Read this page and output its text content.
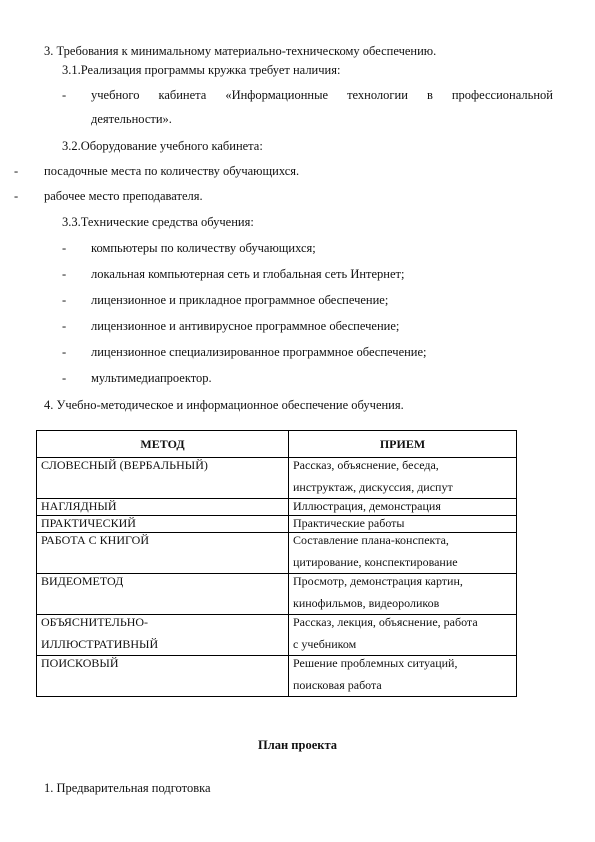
3. Требования к минимальному материально-техническому обеспечению.
3.1.Реализация программы кружка требует наличия:
- учебного кабинета «Информационные технологии в профессиональной
деятельности».
3.2.Оборудование учебного кабинета:
- посадочные места по количеству обучающихся.
- рабочее место преподавателя.
3.3.Технические средства обучения:
- компьютеры по количеству обучающихся;
- локальная компьютерная сеть и глобальная сеть Интернет;
- лицензионное и прикладное программное обеспечение;
- лицензионное и антивирусное программное обеспечение;
- лицензионное специализированное программное обеспечение;
- мультимедиапроектор.
4. Учебно-методическое и информационное обеспечение обучения.
МЕТОД	ПРИЕМ

СЛОВЕСНЫЙ (ВЕРБАЛЬНЫЙ)	Рассказ, объяснение, беседа,
инструктаж, дискуссия, диспут

НАГЛЯДНЫЙ	Иллюстрация, демонстрация

ПРАКТИЧЕСКИЙ	Практические работы

РАБОТА С КНИГОЙ	Составление плана-конспекта,
цитирование, конспектирование

ВИДЕОМЕТОД	Просмотр, демонстрация картин,
кинофильмов, видеороликов

ОБЪЯСНИТЕЛЬНО-
ИЛЛЮСТРАТИВНЫЙ	Рассказ, лекция, объяснение, работа
с учебником

ПОИСКОВЫЙ	Решение проблемных ситуаций,
поисковая работа
План проекта
1. Предварительная подготовка
